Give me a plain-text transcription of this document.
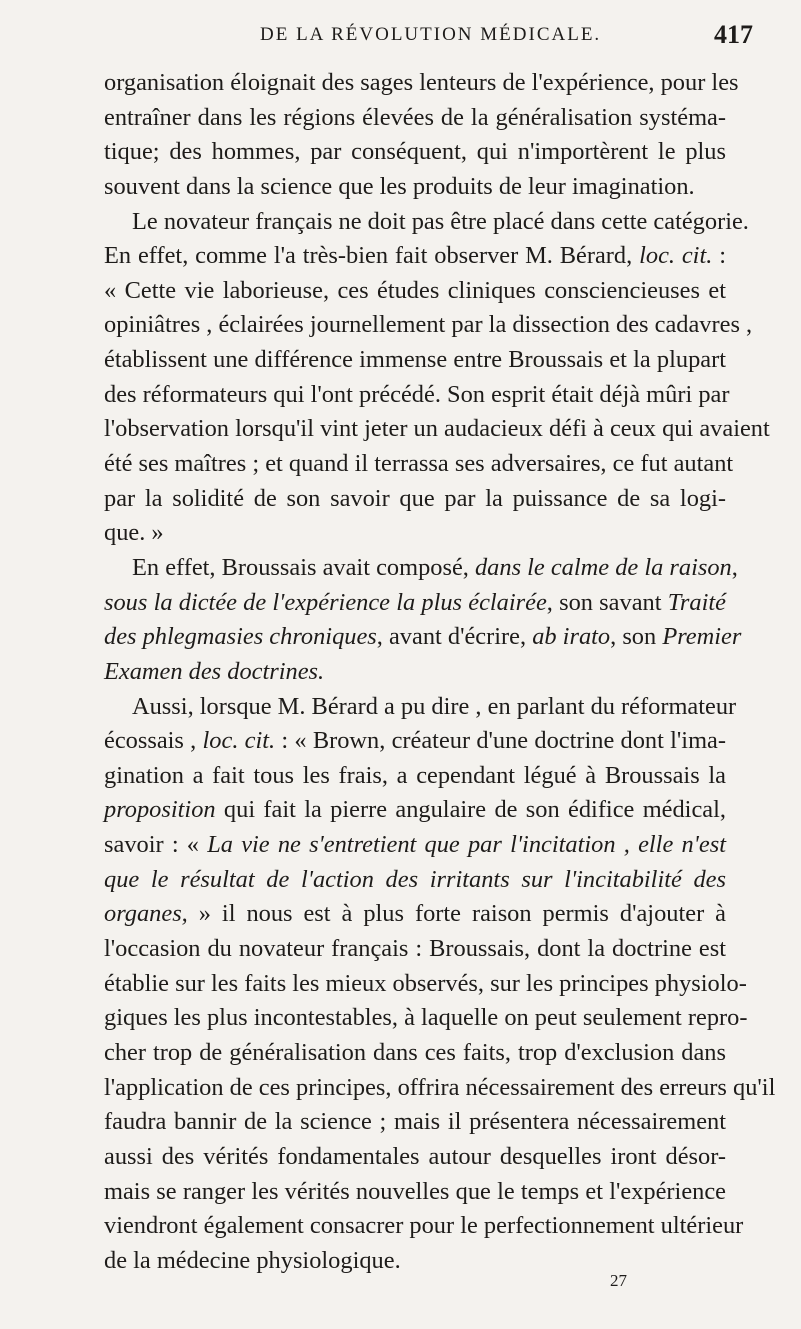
DE LA RÉVOLUTION MÉDICALE.	417
organisation éloignait des sages lenteurs de l'expérience, pour les
entraîner dans les régions élevées de la généralisation systéma-
tique; des hommes, par conséquent, qui n'importèrent le plus
souvent dans la science que les produits de leur imagination.
Le novateur français ne doit pas être placé dans cette catégorie.
En effet, comme l'a très-bien fait observer M. Bérard, loc. cit. :
« Cette vie laborieuse, ces études cliniques consciencieuses et
opiniâtres , éclairées journellement par la dissection des cadavres ,
établissent une différence immense entre Broussais et la plupart
des réformateurs qui l'ont précédé. Son esprit était déjà mûri par
l'observation lorsqu'il vint jeter un audacieux défi à ceux qui avaient
été ses maîtres ; et quand il terrassa ses adversaires, ce fut autant
par la solidité de son savoir que par la puissance de sa logi-
que. »
En effet, Broussais avait composé, dans le calme de la raison,
sous la dictée de l'expérience la plus éclairée, son savant Traité
des phlegmasies chroniques, avant d'écrire, ab irato, son Premier
Examen des doctrines.
Aussi, lorsque M. Bérard a pu dire , en parlant du réformateur
écossais , loc. cit. : « Brown, créateur d'une doctrine dont l'ima-
gination a fait tous les frais, a cependant légué à Broussais la
proposition qui fait la pierre angulaire de son édifice médical,
savoir : « La vie ne s'entretient que par l'incitation , elle n'est
que le résultat de l'action des irritants sur l'incitabilité des
organes, » il nous est à plus forte raison permis d'ajouter à
l'occasion du novateur français : Broussais, dont la doctrine est
établie sur les faits les mieux observés, sur les principes physiolo-
giques les plus incontestables, à laquelle on peut seulement repro-
cher trop de généralisation dans ces faits, trop d'exclusion dans
l'application de ces principes, offrira nécessairement des erreurs qu'il
faudra bannir de la science ; mais il présentera nécessairement
aussi des vérités fondamentales autour desquelles iront désor-
mais se ranger les vérités nouvelles que le temps et l'expérience
viendront également consacrer pour le perfectionnement ultérieur
de la médecine physiologique.
27
